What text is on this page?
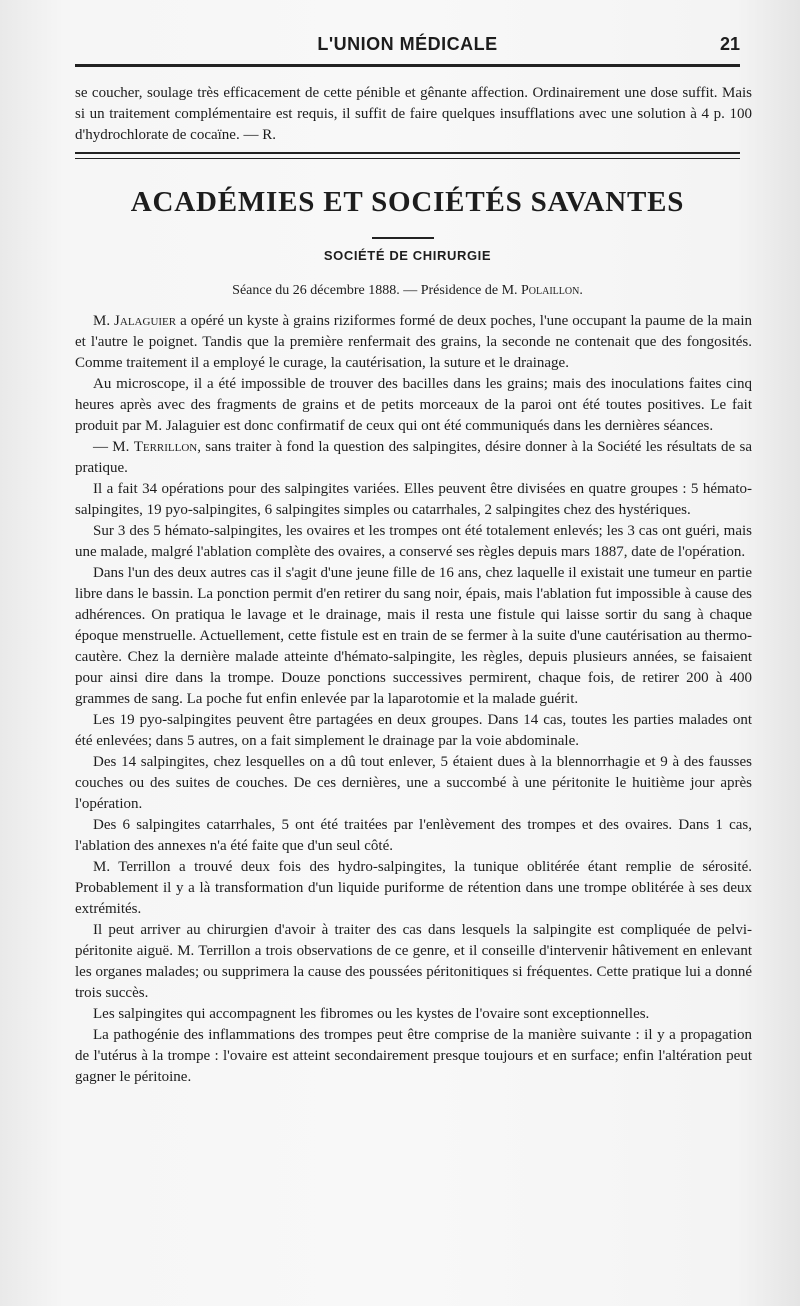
L'UNION MÉDICALE	21

se coucher, soulage très efficacement de cette pénible et gênante affection. Ordinairement une dose suffit. Mais si un traitement complémentaire est requis, il suffit de faire quelques insufflations avec une solution à 4 p. 100 d'hydrochlorate de cocaïne. — R.

ACADÉMIES ET SOCIÉTÉS SAVANTES
SOCIÉTÉ DE CHIRURGIE
Séance du 26 décembre 1888. — Présidence de M. Polaillon.

M. Jalaguier a opéré un kyste à grains riziformes formé de deux poches, l'une occupant la paume de la main et l'autre le poignet. Tandis que la première renfermait des grains, la seconde ne contenait que des fongosités. Comme traitement il a employé le curage, la cautérisation, la suture et le drainage.

Au microscope, il a été impossible de trouver des bacilles dans les grains; mais des inoculations faites cinq heures après avec des fragments de grains et de petits morceaux de la paroi ont été toutes positives. Le fait produit par M. Jalaguier est donc confirmatif de ceux qui ont été communiqués dans les dernières séances.

— M. Terrillon, sans traiter à fond la question des salpingites, désire donner à la Société les résultats de sa pratique.

Il a fait 34 opérations pour des salpingites variées. Elles peuvent être divisées en quatre groupes : 5 hémato-salpingites, 19 pyo-salpingites, 6 salpingites simples ou catarrhales, 2 salpingites chez des hystériques.

Sur 3 des 5 hémato-salpingites, les ovaires et les trompes ont été totalement enlevés; les 3 cas ont guéri, mais une malade, malgré l'ablation complète des ovaires, a conservé ses règles depuis mars 1887, date de l'opération.

Dans l'un des deux autres cas il s'agit d'une jeune fille de 16 ans, chez laquelle il existait une tumeur en partie libre dans le bassin. La ponction permit d'en retirer du sang noir, épais, mais l'ablation fut impossible à cause des adhérences. On pratiqua le lavage et le drainage, mais il resta une fistule qui laisse sortir du sang à chaque époque menstruelle. Actuellement, cette fistule est en train de se fermer à la suite d'une cautérisation au thermo-cautère. Chez la dernière malade atteinte d'hémato-salpingite, les règles, depuis plusieurs années, se faisaient pour ainsi dire dans la trompe. Douze ponctions successives permirent, chaque fois, de retirer 200 à 400 grammes de sang. La poche fut enfin enlevée par la laparotomie et la malade guérit.

Les 19 pyo-salpingites peuvent être partagées en deux groupes. Dans 14 cas, toutes les parties malades ont été enlevées; dans 5 autres, on a fait simplement le drainage par la voie abdominale.

Des 14 salpingites, chez lesquelles on a dû tout enlever, 5 étaient dues à la blennorrhagie et 9 à des fausses couches ou des suites de couches. De ces dernières, une a succombé à une péritonite le huitième jour après l'opération.

Des 6 salpingites catarrhales, 5 ont été traitées par l'enlèvement des trompes et des ovaires. Dans 1 cas, l'ablation des annexes n'a été faite que d'un seul côté.

M. Terrillon a trouvé deux fois des hydro-salpingites, la tunique oblitérée étant remplie de sérosité. Probablement il y a là transformation d'un liquide puriforme de rétention dans une trompe oblitérée à ses deux extrémités.

Il peut arriver au chirurgien d'avoir à traiter des cas dans lesquels la salpingite est compliquée de pelvi-péritonite aiguë. M. Terrillon a trois observations de ce genre, et il conseille d'intervenir hâtivement en enlevant les organes malades; ou supprimera la cause des poussées péritonitiques si fréquentes. Cette pratique lui a donné trois succès.

Les salpingites qui accompagnent les fibromes ou les kystes de l'ovaire sont exceptionnelles.

La pathogénie des inflammations des trompes peut être comprise de la manière suivante : il y a propagation de l'utérus à la trompe : l'ovaire est atteint secondairement presque toujours et en surface; enfin l'altération peut gagner le péritoine.
